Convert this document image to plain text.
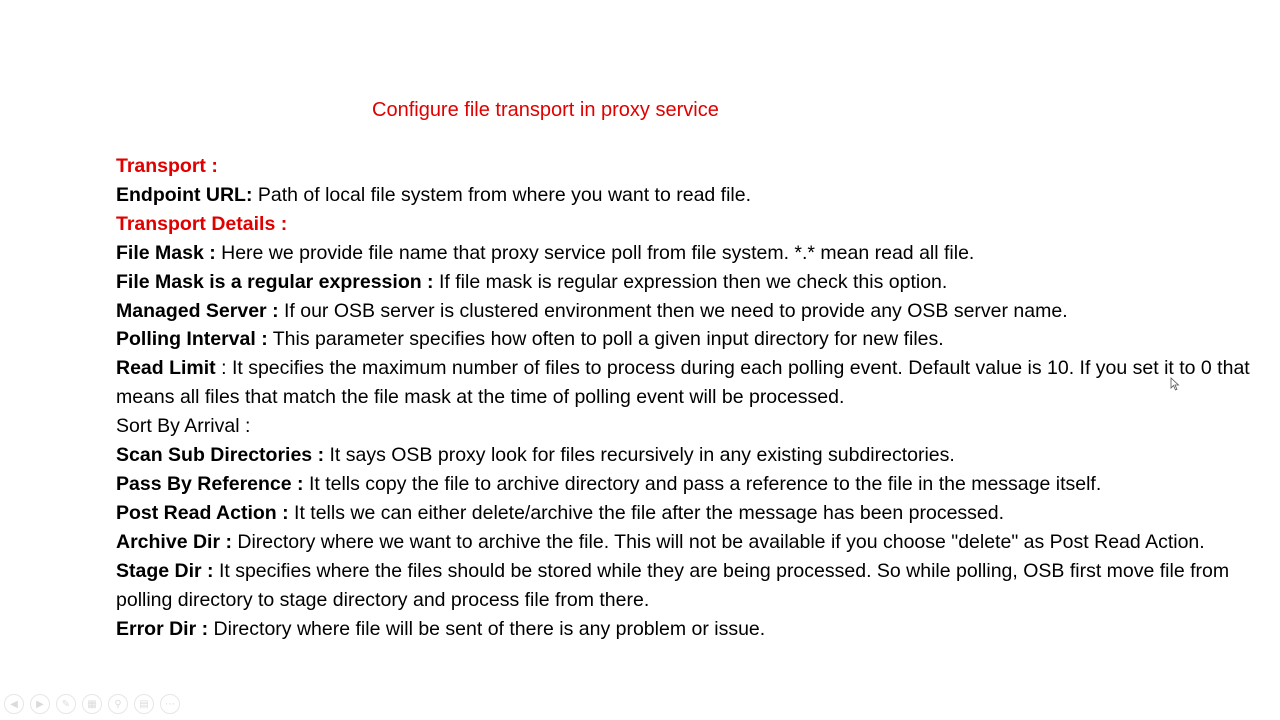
Configure file transport in proxy service

Transport :

Endpoint URL: Path of local file system from where you want to read file.

Transport Details :

File Mask : Here we provide file name that proxy service poll from file system. *.* mean read all file.

File Mask is a regular expression : If file mask is regular expression then we check this option.

Managed Server : If our OSB server is clustered environment then we need to provide any OSB server name.

Polling Interval : This parameter specifies how often to poll a given input directory for new files.

Read Limit : It specifies the maximum number of files to process during each polling event. Default value is 10. If you set it to 0 that means all files that match the file mask at the time of polling event will be processed.

Sort By Arrival :

Scan Sub Directories : It says OSB proxy look for files recursively in any existing subdirectories.

Pass By Reference : It tells copy the file to archive directory and pass a reference to the file in the message itself.

Post Read Action : It tells we can either delete/archive the file after the message has been processed.

Archive Dir : Directory where we want to archive the file. This will not be available if you choose "delete" as Post Read Action.

Stage Dir : It specifies where the files should be stored while they are being processed. So while polling, OSB first move file from polling directory to stage directory and process file from there.

Error Dir : Directory where file will be sent of there is any problem or issue.

◀	▶	✎	▦	⚲	▤	⋯
